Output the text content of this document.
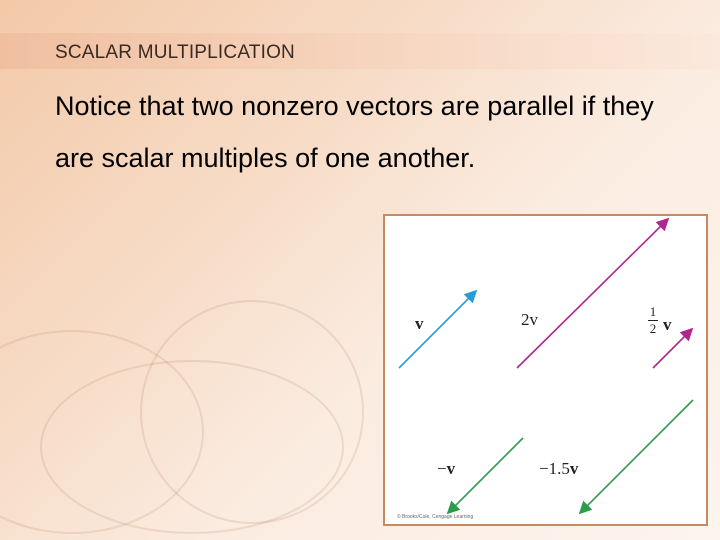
SCALAR MULTIPLICATION
Notice that two nonzero vectors are parallel if they are scalar multiples of one another.
v	2v	1
2 v
−v	−1.5v
© Brooks/Cole, Cengage Learning
